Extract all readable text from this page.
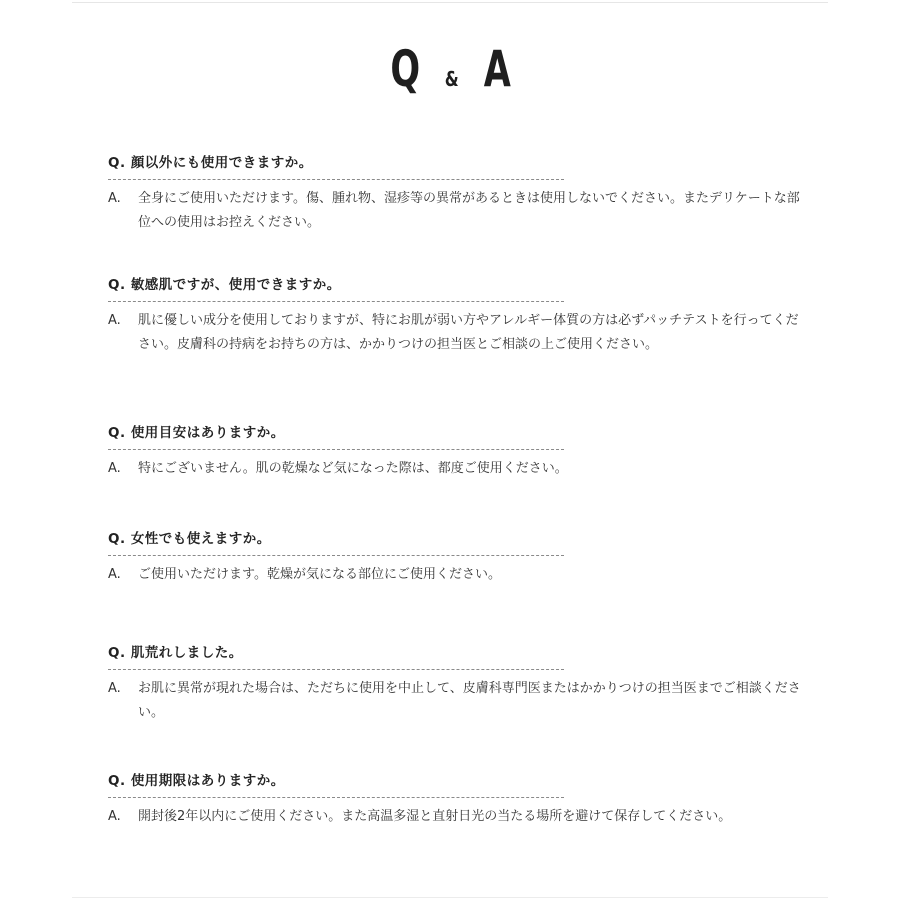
Q & A
Q. 顔以外にも使用できますか。
A. 全身にご使用いただけます。傷、腫れ物、湿疹等の異常があるときは使用しないでください。またデリケートな部位への使用はお控えください。
Q. 敏感肌ですが、使用できますか。
A. 肌に優しい成分を使用しておりますが、特にお肌が弱い方やアレルギー体質の方は必ずパッチテストを行ってください。皮膚科の持病をお持ちの方は、かかりつけの担当医とご相談の上ご使用ください。
Q. 使用目安はありますか。
A. 特にございません。肌の乾燥など気になった際は、都度ご使用ください。
Q. 女性でも使えますか。
A. ご使用いただけます。乾燥が気になる部位にご使用ください。
Q. 肌荒れしました。
A. お肌に異常が現れた場合は、ただちに使用を中止して、皮膚科専門医またはかかりつけの担当医までご相談ください。
Q. 使用期限はありますか。
A. 開封後2年以内にご使用ください。また高温多湿と直射日光の当たる場所を避けて保存してください。
